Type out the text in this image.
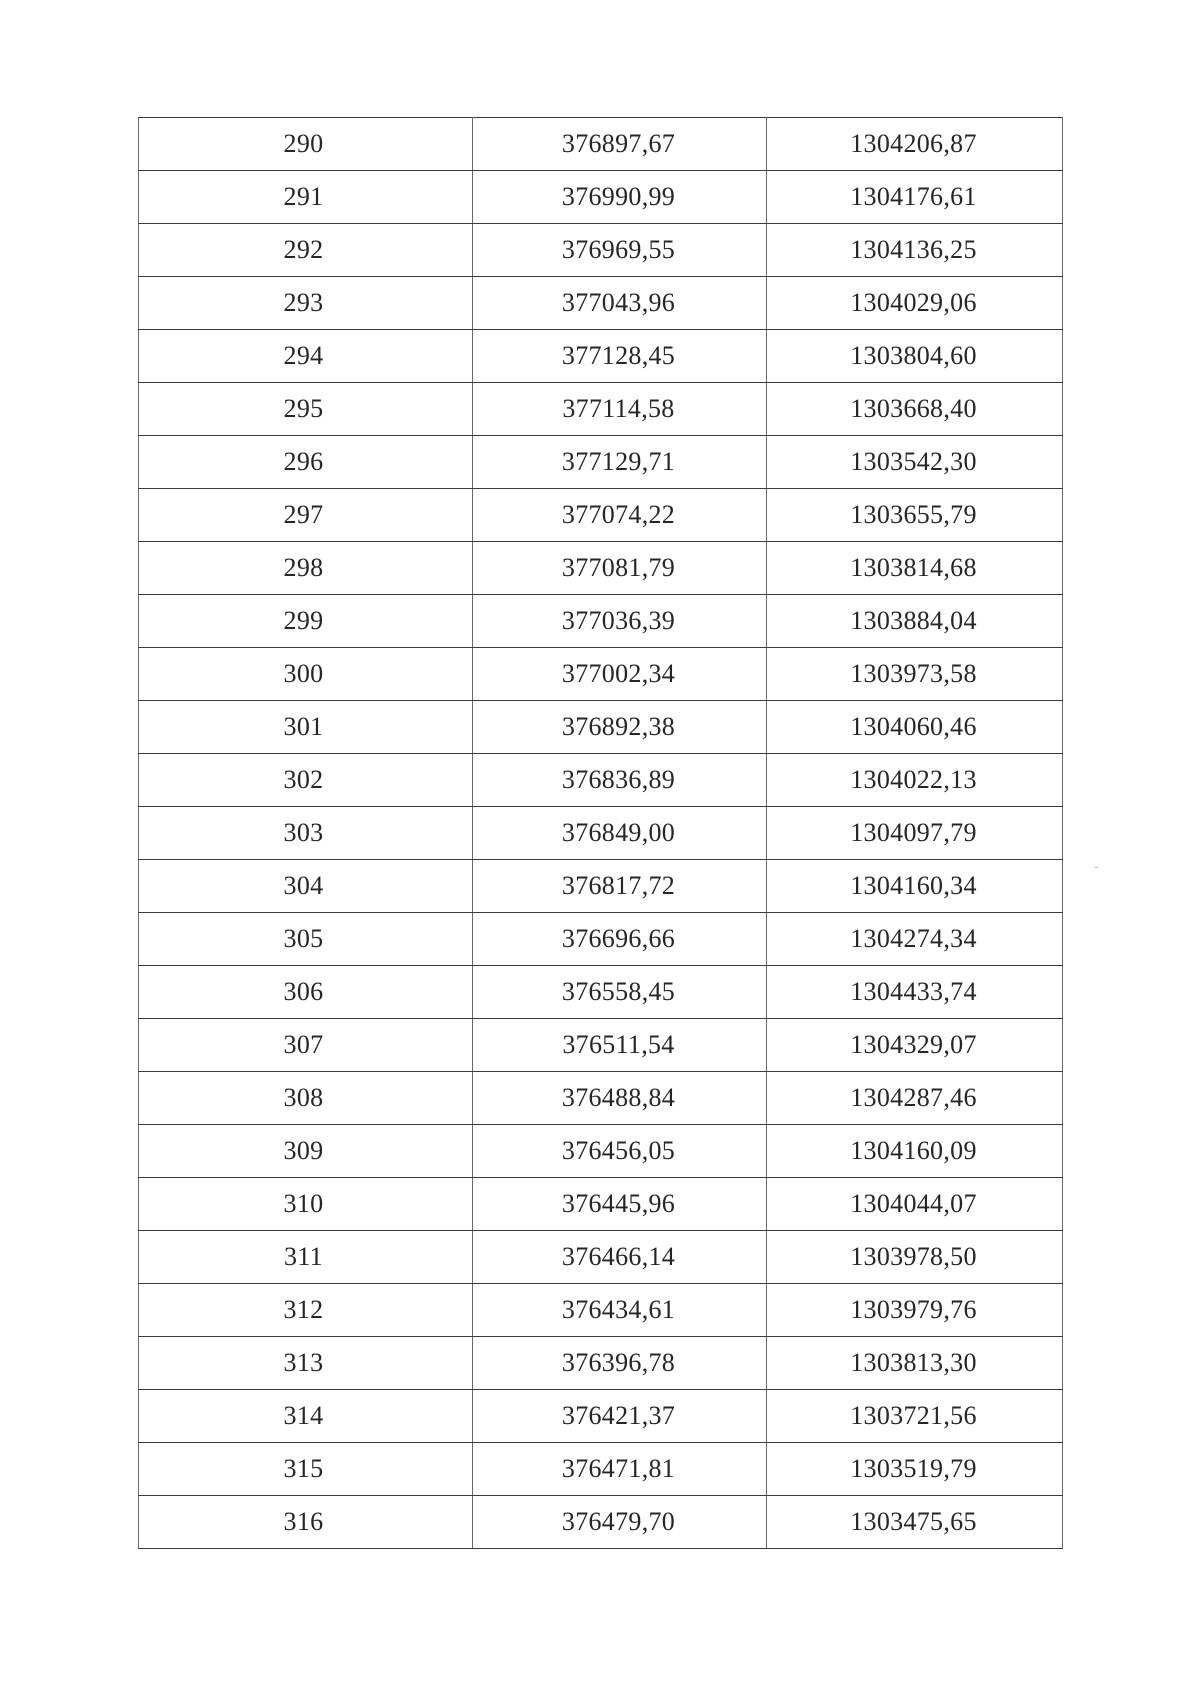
290	376897,67	1304206,87
291	376990,99	1304176,61
292	376969,55	1304136,25
293	377043,96	1304029,06
294	377128,45	1303804,60
295	377114,58	1303668,40
296	377129,71	1303542,30
297	377074,22	1303655,79
298	377081,79	1303814,68
299	377036,39	1303884,04
300	377002,34	1303973,58
301	376892,38	1304060,46
302	376836,89	1304022,13
303	376849,00	1304097,79
304	376817,72	1304160,34
305	376696,66	1304274,34
306	376558,45	1304433,74
307	376511,54	1304329,07
308	376488,84	1304287,46
309	376456,05	1304160,09
310	376445,96	1304044,07
311	376466,14	1303978,50
312	376434,61	1303979,76
313	376396,78	1303813,30
314	376421,37	1303721,56
315	376471,81	1303519,79
316	376479,70	1303475,65
